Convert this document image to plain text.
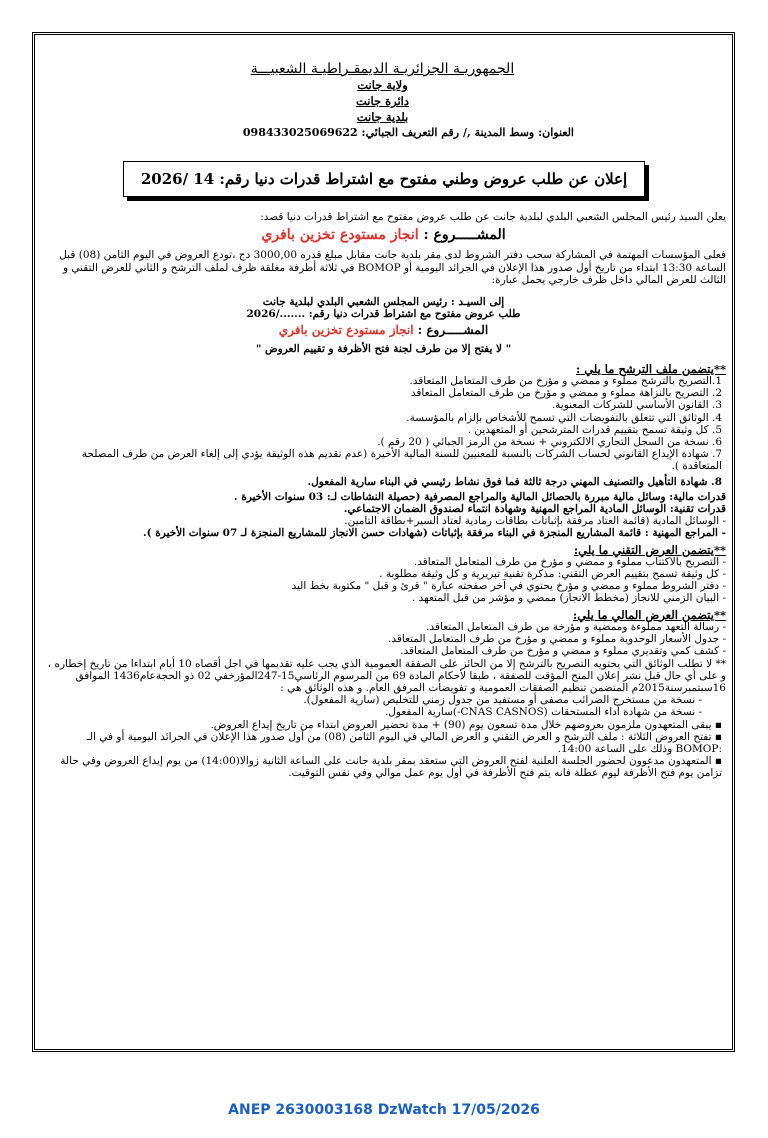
الجمهوريـة الجزائريـة الديمقـراطيـة الشعبيـــة
ولاية جانت
دائرة جانت
بلدية جانت
العنوان: وسط المدينة ,/ رقم التعريف الجبائي: 098433025069622
إعلان عن طلب عروض وطني مفتوح مع اشتراط قدرات دنيا رقم: 14 /2026

يعلن السيد رئيس المجلس الشعبي البلدي لبلدية جانت عن طلب عروض مفتوح مع اشتراط قدرات دنيا قصد:

المشـــــروع : انجاز مستودع تخزين بافري

فعلى المؤسسات المهتمة في المشاركة سحب دفتر الشروط لدى مقر بلدية جانت مقابل مبلغ قدره 3000,00 دج ،تودع العروض في اليوم الثامن (08) قبل الساعة 13:30 ابتداء من تاريخ أول صدور هذا الإعلان في الجرائد اليومية أو BOMOP في ثلاثة أظرفة مغلقة ظرف لملف الترشح و الثاني للعرض التقني و الثالث للعرض المالي داخل ظرف خارجي يحمل عبارة:

إلى السيـد : رئيس المجلس الشعبي البلدي لبلدية جانت

طلب عروض مفتوح مع اشتراط قدرات دنيا رقم: ......./2026

المشـــــروع : انجاز مستودع تخزين بافري

" لا يفتح إلا من طرف لجنة فتح الأظرفة و تقييم العروض "

**يتضمن ملف الترشح ما يلي :

1.التصريح بالترشح مملوء و ممضي و مؤرخ من طرف المتعامل المتعاقد.

2. التصريح بالنزاهة مملوء و ممضي و مؤرخ من طرف المتعامل المتعاقد

3. القانون الأساسي للشركات المعنوية.

4. الوثائق التي تتعلق بالتفويضات التي تسمح للأشخاص بإلزام بالمؤسسة.

5. كل وثيقة تسمح بتقييم قدرات المترشحين أو المتعهدين .

6. نسخة من السجل التجاري الالكتروني + نسخة من الرمز الجبائي ( 20 رقم ).

7. شهادة الإيداع القانوني لحساب الشركات بالنسبة للمعنيين للسنة المالية الأخيرة (عدم تقديم هذه الوثيقة يؤدي إلى إلغاء العرض من طرف المصلحة المتعاقدة ).

8. شهادة التأهيل والتصنيف المهني درجة ثالثة فما فوق نشاط رئيسي في البناء سارية المفعول.

قدرات مالية: وسائل مالية مبررة بالحصائل المالية والمراجع المصرفية (حصيلة النشاطات لـ: 03 سنوات الأخيرة .

قدرات تقنية: الوسائل المادية المراجع المهنية وشهادة انتماء لصندوق الضمان الاجتماعي.

- الوسائل المادية (قائمة العتاد مرفقة بإثباتات بطاقات رمادية لعتاد السير+بطاقة التامين.

- المراجع المهنية : قائمة المشاريع المنجزة في البناء مرفقة بإثباتات (شهادات حسن الانجاز للمشاريع المنجزة لـ 07 سنوات الأخيرة ).

**يتضمن العرض التقني ما يلي:

- التصريح بالاكتتاب مملوء و ممضي و مؤرخ من طرف المتعامل المتعاقد.

- كل وثيقة تسمح بتقييم العرض التقني: مذكرة تقنية تبريرية و كل وثيقة مطلوبة .

- دفتر الشروط مملوء و ممضي و مؤرخ يحتوي في آخر صفحته عبارة " قرئ و قبل " مكتوبة بخط اليد

- البيان الزمني للانجاز (مخطط الانجاز) ممضي و مؤشر من قبل المتعهد .

**يتضمن العرض المالي ما يلي:

- رسالة التعهد مملوءة وممضية و مؤرخة من طرف المتعامل المتعاقد.

- جدول الأسعار الوحدوية مملوء و ممضي و مؤرخ من طرف المتعامل المتعاقد.

- كشف كمي وتقديري مملوء و ممضي و مؤرخ من طرف المتعامل المتعاقد.

** لا تطلب الوثائق التي يحتويه التصريح بالترشح إلا من الحائز على الصفقة العمومية الذي يجب عليه تقديمها في اجل أقصاه 10 أيام ابتداءا من تاريخ إخطاره ، و على أي حال قبل نشر إعلان المنح المؤقت للصفقة ، طبقا لأحكام المادة 69 من المرسوم الرئاسي15-247المؤرخفي 02 ذو الحجةعام1436 الموافق 16سبتمبرسنة2015م المتضمن تنظيم الصفقات العمومية و تفويضات المرفق العام. و هذه الوثائق هي :

- نسخة من مستخرج الضرائب مصفى أو مستفيد من جدول زمني للتخليص (سارية المفعول).

- نسخة من شهادة أداء المستحقات (CNAS CASNOS-)سارية المفعول.

▪ يبقى المتعهدون ملزمون بعروضهم خلال مدة تسعون يوم (90) + مدة تحضير العروض ابتداء من تاريخ إيداع العروض.

▪ تفتح العروض الثلاثة : ملف الترشح و العرض التقني و العرض المالي في اليوم الثامن (08) من أول صدور هذا الإعلان في الجرائد اليومية أو في الـ :BOMOP وذلك على الساعة 14:00.

▪ المتعهدون مدعوون لحضور الجلسة العلنية لفتح العروض التي ستعقد بمقر بلدية جانت على الساعة الثانية زوالا(14:00) من يوم إيداع العروض وفي حالة تزامن يوم فتح الأظرفة ليوم عطلة فانه يتم فتح الأظرفة في أول يوم عمل موالي وفي نفس التوقيت.

ANEP 2630003168 DzWatch 17/05/2026
